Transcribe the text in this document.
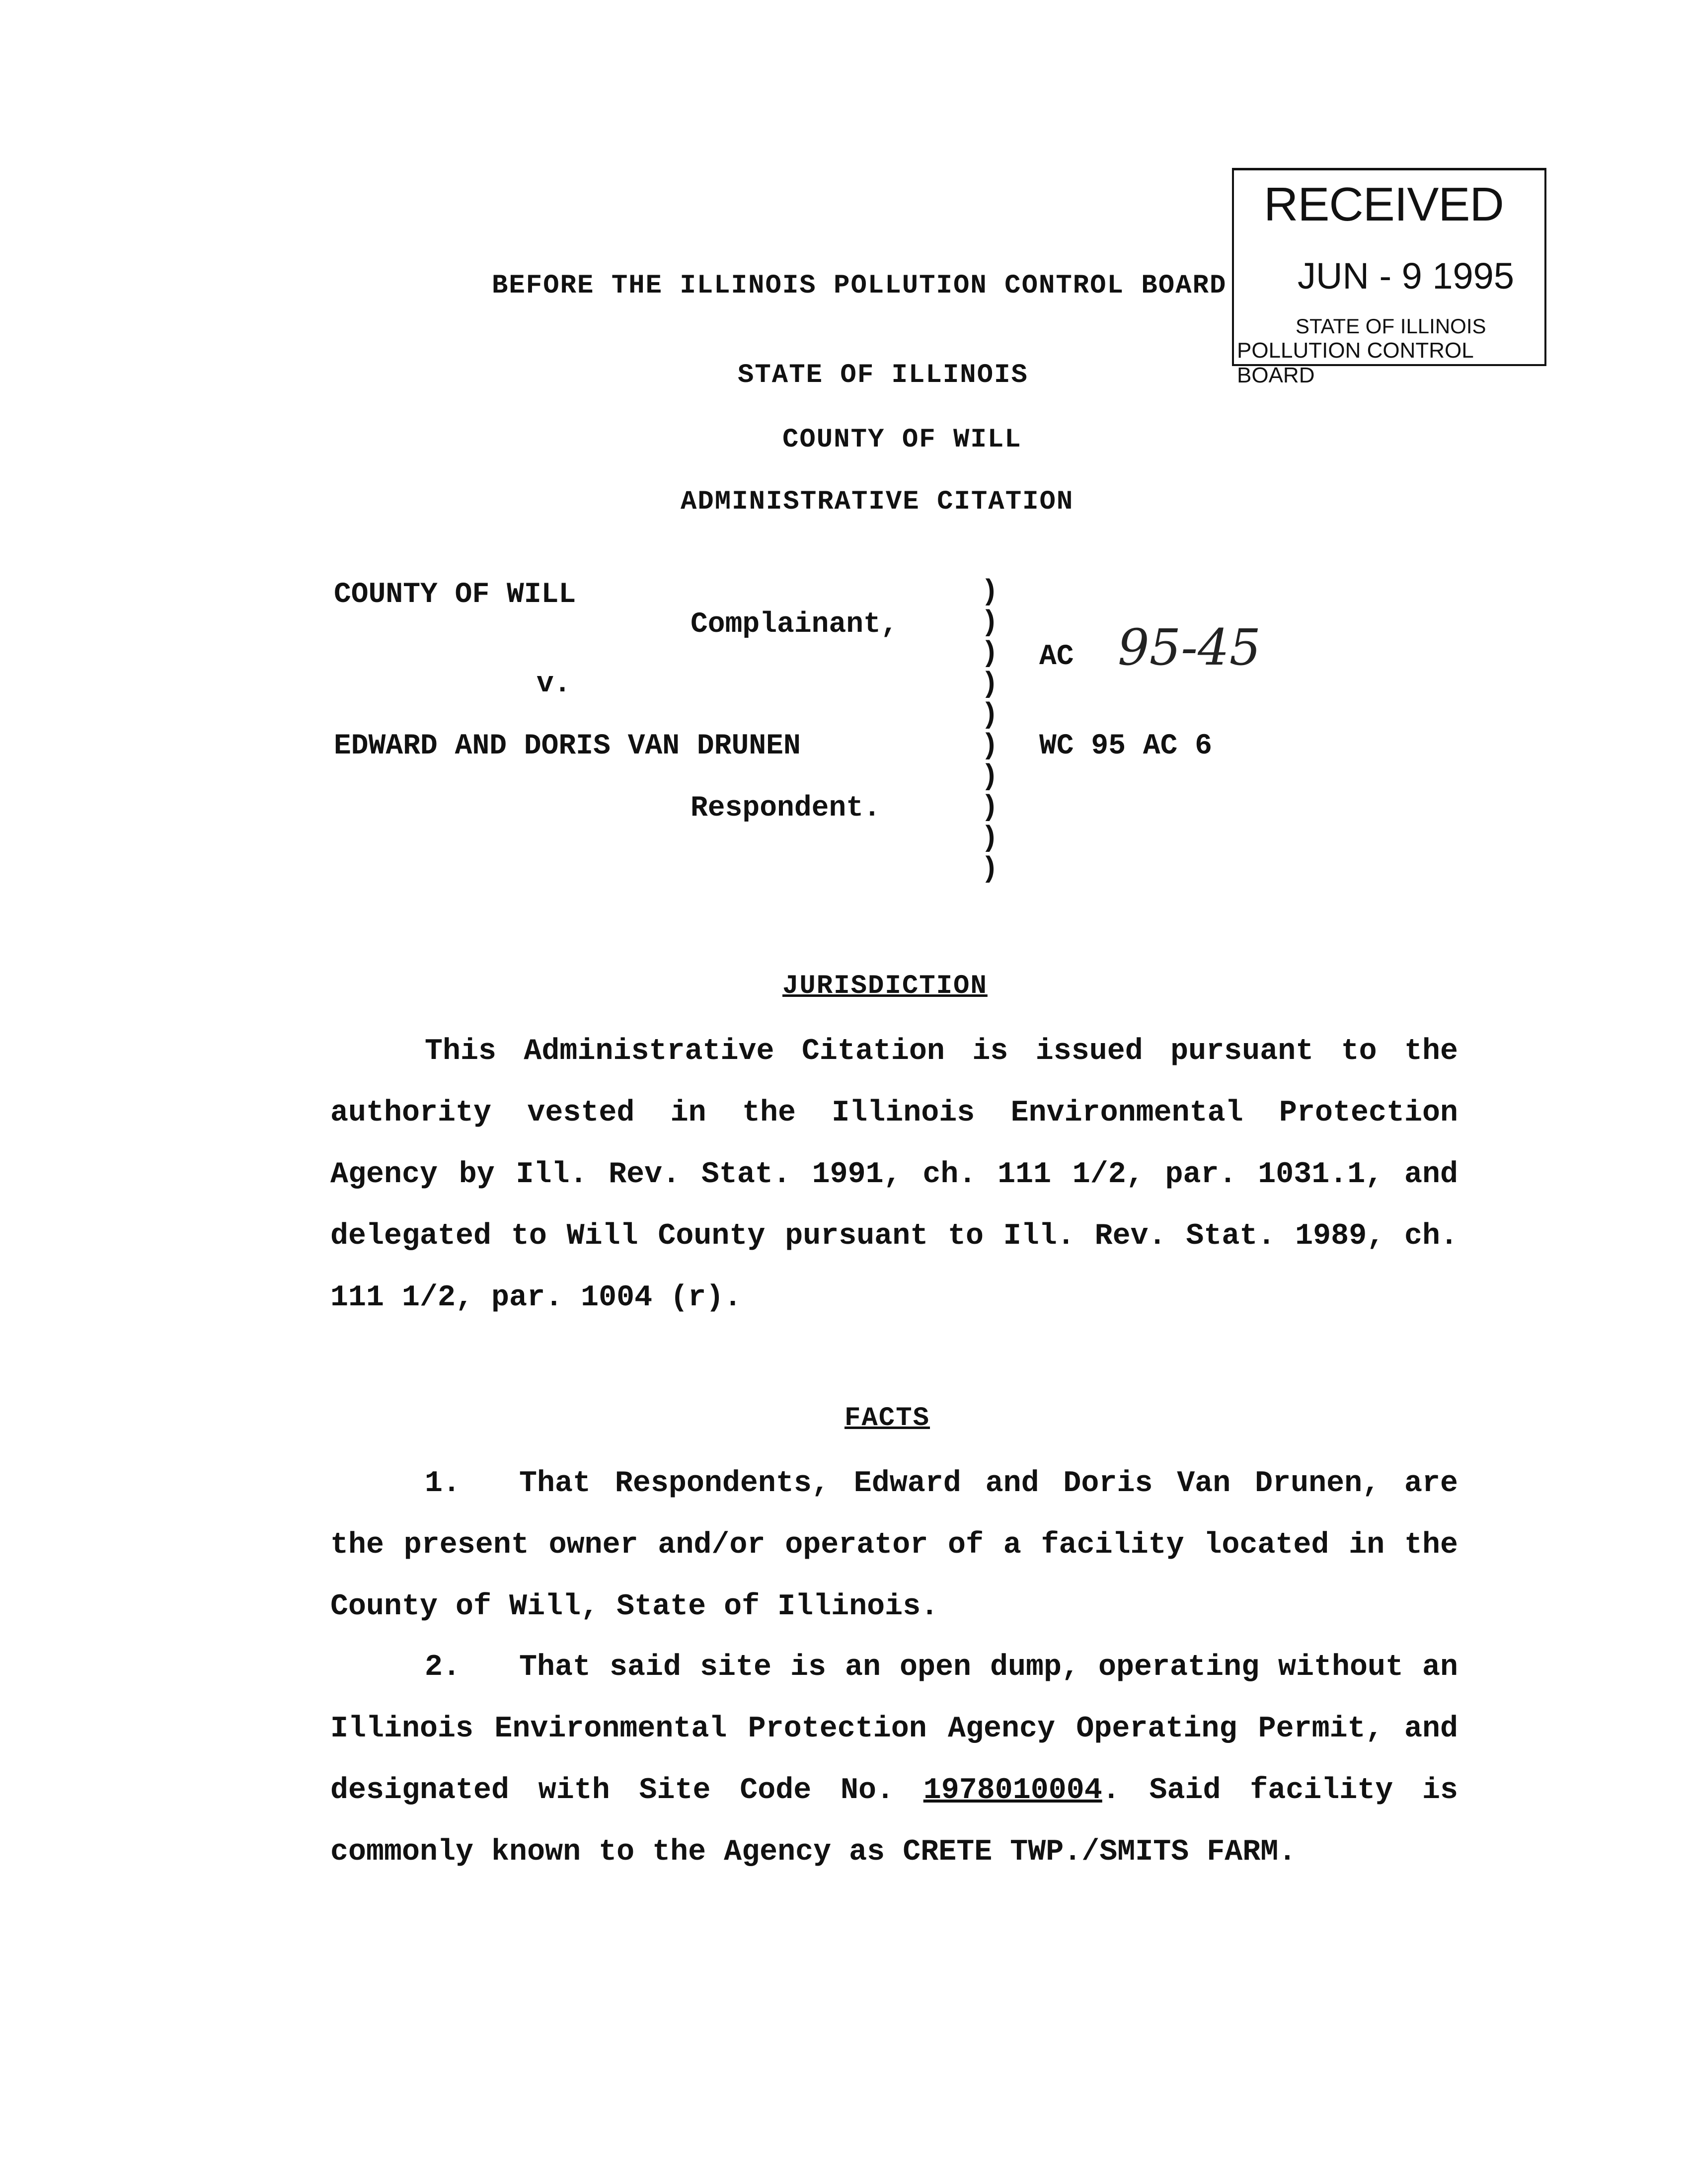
RECEIVED
JUN - 9 1995
STATE OF ILLINOIS
POLLUTION CONTROL BOARD
BEFORE THE ILLINOIS POLLUTION CONTROL BOARD
STATE OF ILLINOIS
COUNTY OF WILL
ADMINISTRATIVE CITATION
COUNTY OF WILL
Complainant,
v.
EDWARD AND DORIS VAN DRUNEN
Respondent.
)
)
)
)
)
)
)
)
)
)
AC 95-45
WC 95 AC 6
JURISDICTION
This Administrative Citation is issued pursuant to the authority vested in the Illinois Environmental Protection Agency by Ill. Rev. Stat. 1991, ch. 111 1/2, par. 1031.1, and delegated to Will County pursuant to Ill. Rev. Stat. 1989, ch. 111 1/2, par. 1004 (r).
FACTS
1. That Respondents, Edward and Doris Van Drunen, are the present owner and/or operator of a facility located in the County of Will, State of Illinois.
2. That said site is an open dump, operating without an Illinois Environmental Protection Agency Operating Permit, and designated with Site Code No. 1978010004. Said facility is commonly known to the Agency as CRETE TWP./SMITS FARM.
